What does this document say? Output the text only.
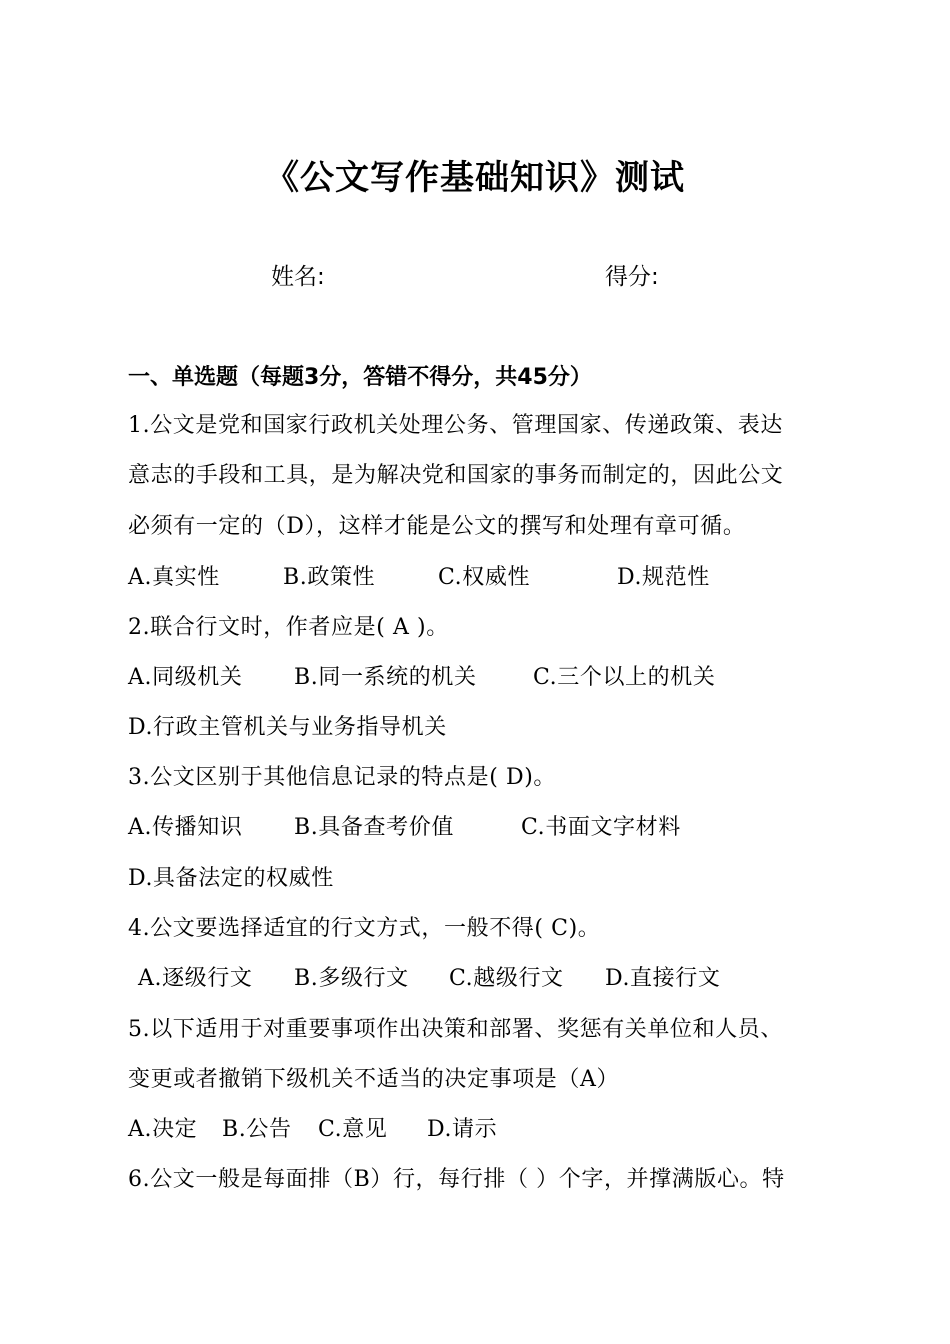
《公文写作基础知识》测试
姓名:	得分:
一、单选题（每题3分，答错不得分，共45分）
1.公文是党和国家行政机关处理公务、管理国家、传递政策、表达
意志的手段和工具，是为解决党和国家的事务而制定的，因此公文
必须有一定的（D），这样才能是公文的撰写和处理有章可循。
A.真实性	B.政策性	C.权威性	D.规范性
2.联合行文时，作者应是( A )。
A.同级机关 B.同一系统的机关	C.三个以上的机关
D.行政主管机关与业务指导机关
3.公文区别于其他信息记录的特点是( D)。
A.传播知识 B.具备查考价值	C.书面文字材料
D.具备法定的权威性
4.公文要选择适宜的行文方式，一般不得( C)。
A.逐级行文 B.多级行文 C.越级行文 D.直接行文
5.以下适用于对重要事项作出决策和部署、奖惩有关单位和人员、
变更或者撤销下级机关不适当的决定事项是（A）
A.决定 B.公告 C.意见 D.请示
6.公文一般是每面排（B）行，每行排（ ）个字，并撑满版心。特
